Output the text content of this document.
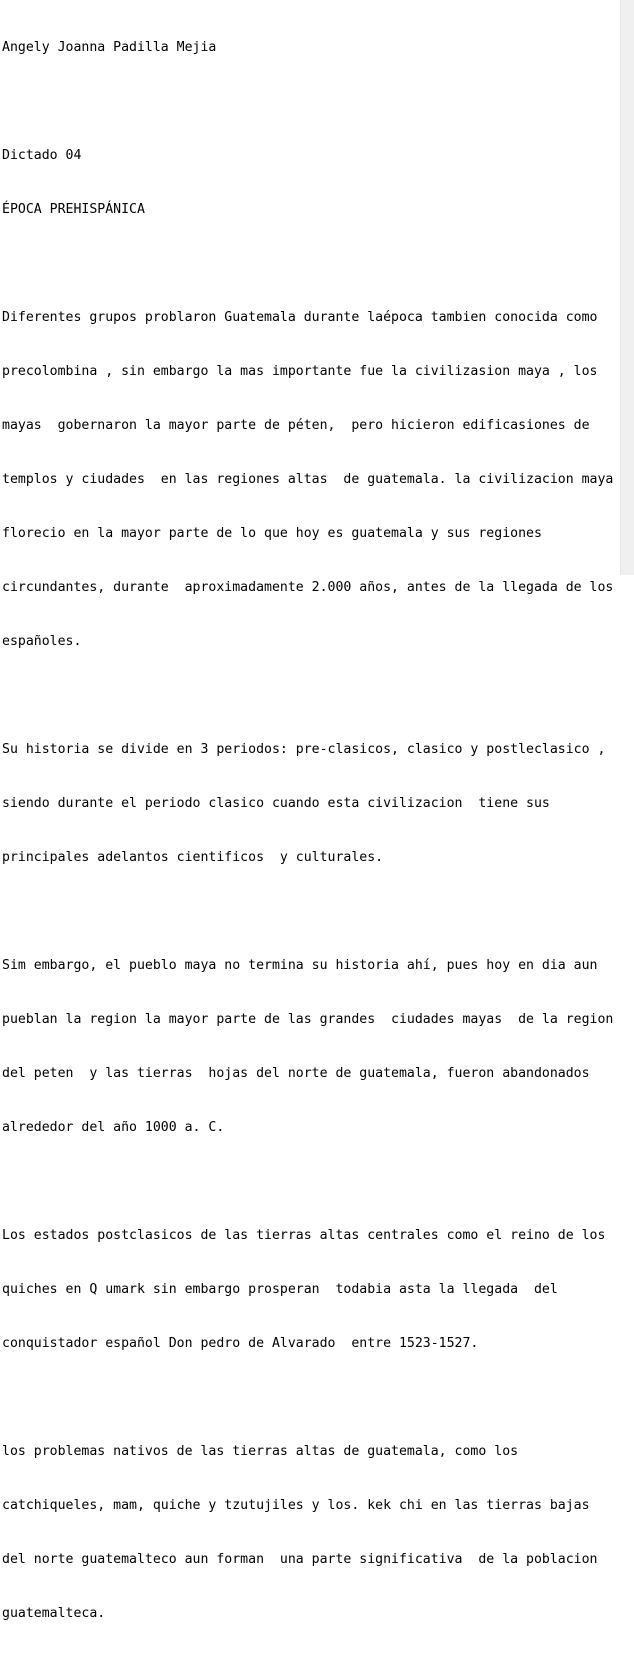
Angely Joanna Padilla Mejia

Dictado 04

ÉPOCA PREHISPÁNICA

Diferentes grupos problaron Guatemala durante laépoca tambien conocida como

precolombina , sin embargo la mas importante fue la civilizasion maya , los

mayas  gobernaron la mayor parte de péten,  pero hicieron edificasiones de

templos y ciudades  en las regiones altas  de guatemala. la civilizacion maya

florecio en la mayor parte de lo que hoy es guatemala y sus regiones

circundantes, durante  aproximadamente 2.000 años, antes de la llegada de los

españoles.

Su historia se divide en 3 periodos: pre-clasicos, clasico y postleclasico ,

siendo durante el periodo clasico cuando esta civilizacion  tiene sus

principales adelantos cientificos  y culturales.

Sim embargo, el pueblo maya no termina su historia ahí, pues hoy en dia aun

pueblan la region la mayor parte de las grandes  ciudades mayas  de la region

del peten  y las tierras  hojas del norte de guatemala, fueron abandonados

alrededor del año 1000 a. C.

Los estados postclasicos de las tierras altas centrales como el reino de los

quiches en Q umark sin embargo prosperan  todabia asta la llegada  del

conquistador español Don pedro de Alvarado  entre 1523-1527.

los problemas nativos de las tierras altas de guatemala, como los

catchiqueles, mam, quiche y tzutujiles y los. kek chi en las tierras bajas

del norte guatemalteco aun forman  una parte significativa  de la poblacion

guatemalteca.
